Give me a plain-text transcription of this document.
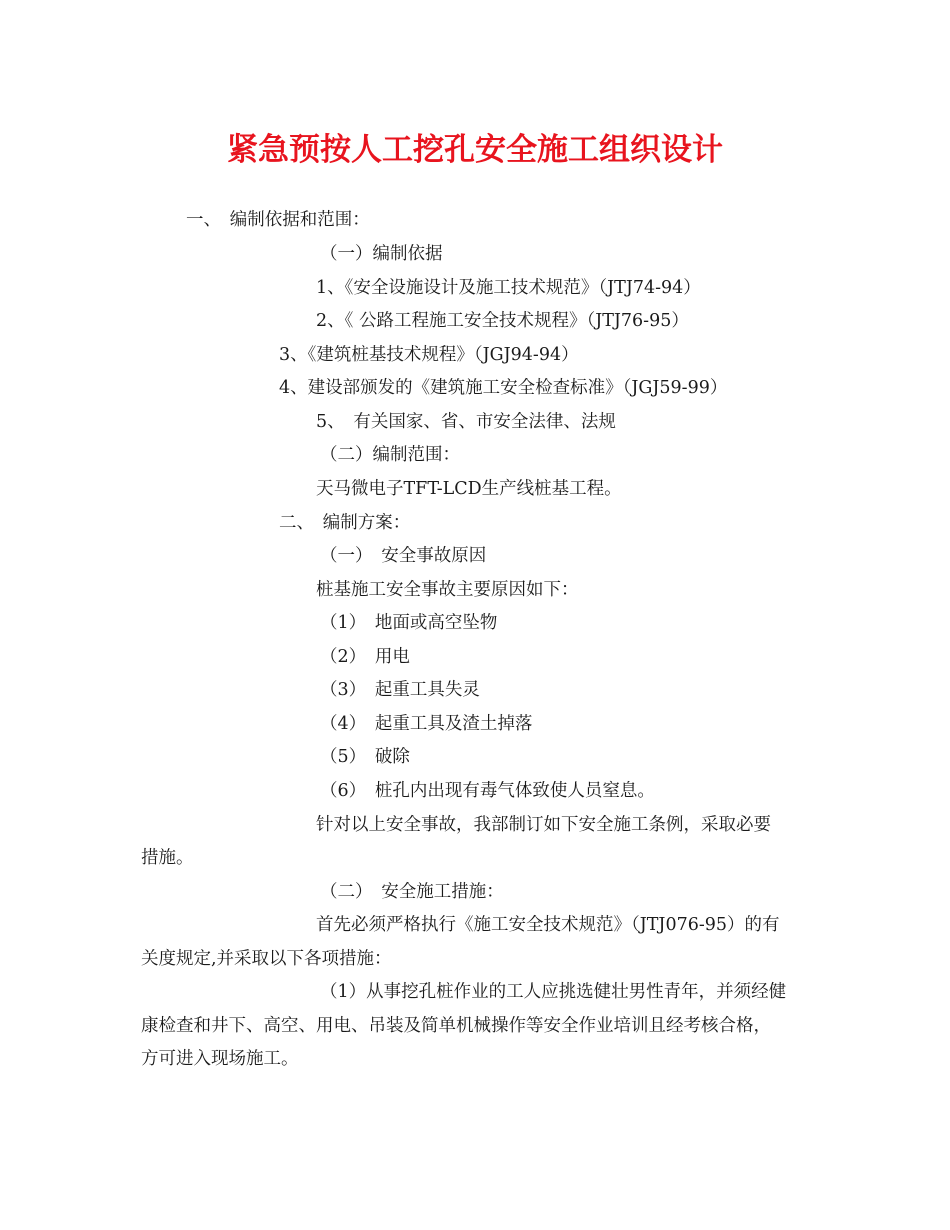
紧急预按人工挖孔安全施工组织设计

一、　编制依据和范围：

（一）编制依据

1、《安全设施设计及施工技术规范》（JTJ74-94）

2、《 公路工程施工安全技术规程》（JTJ76-95）

3、《建筑桩基技术规程》（JGJ94-94）

4、建设部颁发的《建筑施工安全检查标准》（JGJ59-99）

5、　有关国家、省、市安全法律、法规

（二）编制范围：

天马微电子TFT-LCD生产线桩基工程。

二、　编制方案：

（一）　安全事故原因

桩基施工安全事故主要原因如下：

（1）　地面或高空坠物

（2）　用电

（3）　起重工具失灵

（4）　起重工具及渣土掉落

（5）　破除

（6）　桩孔内出现有毒气体致使人员窒息。

针对以上安全事故，我部制订如下安全施工条例，采取必要

措施。

（二）　安全施工措施：

首先必须严格执行《施工安全技术规范》（JTJ076-95）的有

关度规定,并采取以下各项措施：

（1）从事挖孔桩作业的工人应挑选健壮男性青年，并须经健

康检查和井下、高空、用电、吊装及简单机械操作等安全作业培训且经考核合格，

方可进入现场施工。
